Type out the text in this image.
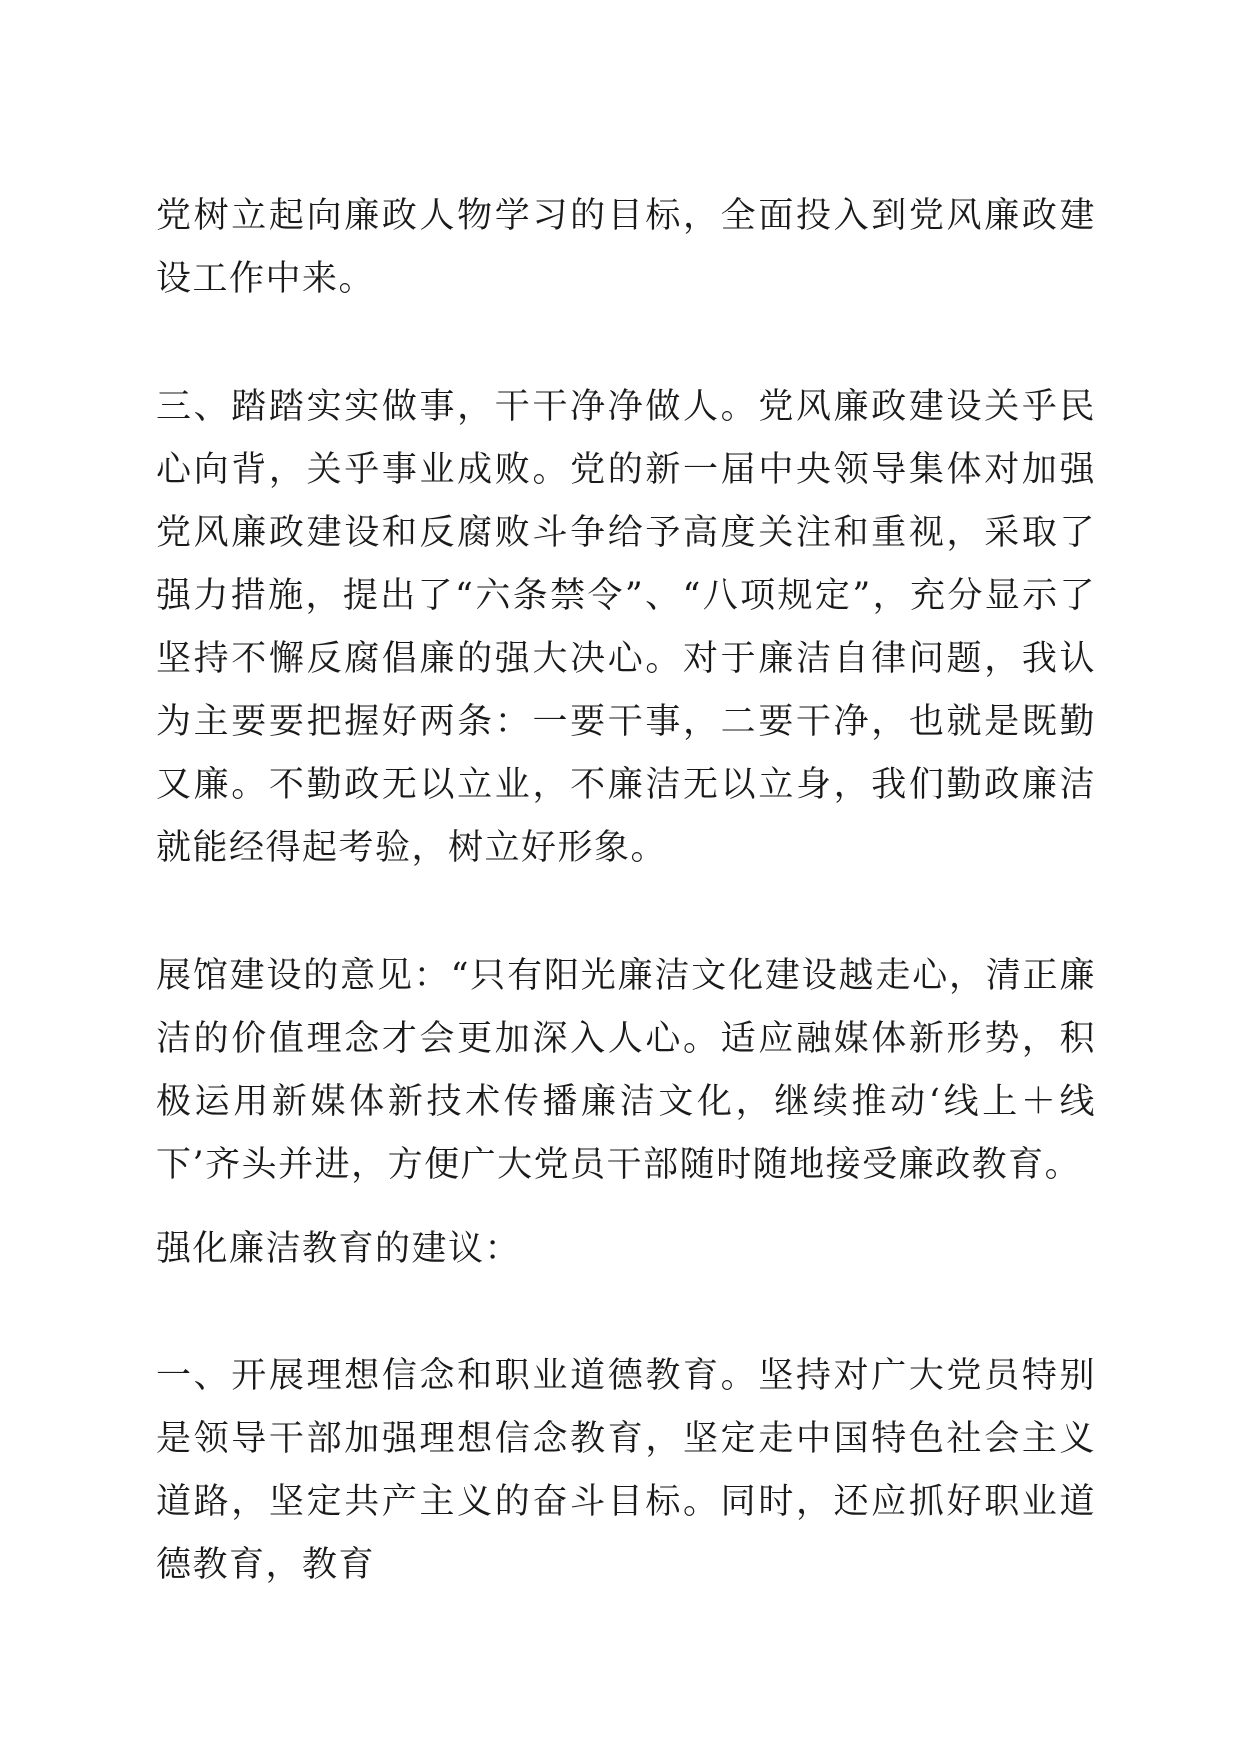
党树立起向廉政人物学习的目标，全面投入到党风廉政建设工作中来。

三、踏踏实实做事，干干净净做人。党风廉政建设关乎民心向背，关乎事业成败。党的新一届中央领导集体对加强党风廉政建设和反腐败斗争给予高度关注和重视，采取了强力措施，提出了“六条禁令”、“八项规定”，充分显示了坚持不懈反腐倡廉的强大决心。对于廉洁自律问题，我认为主要要把握好两条：一要干事，二要干净，也就是既勤又廉。不勤政无以立业，不廉洁无以立身，我们勤政廉洁就能经得起考验，树立好形象。

展馆建设的意见：“只有阳光廉洁文化建设越走心，清正廉洁的价值理念才会更加深入人心。适应融媒体新形势，积极运用新媒体新技术传播廉洁文化，继续推动‘线上＋线下’齐头并进，方便广大党员干部随时随地接受廉政教育。

强化廉洁教育的建议：

一、开展理想信念和职业道德教育。坚持对广大党员特别是领导干部加强理想信念教育，坚定走中国特色社会主义道路，坚定共产主义的奋斗目标。同时，还应抓好职业道德教育，教育
